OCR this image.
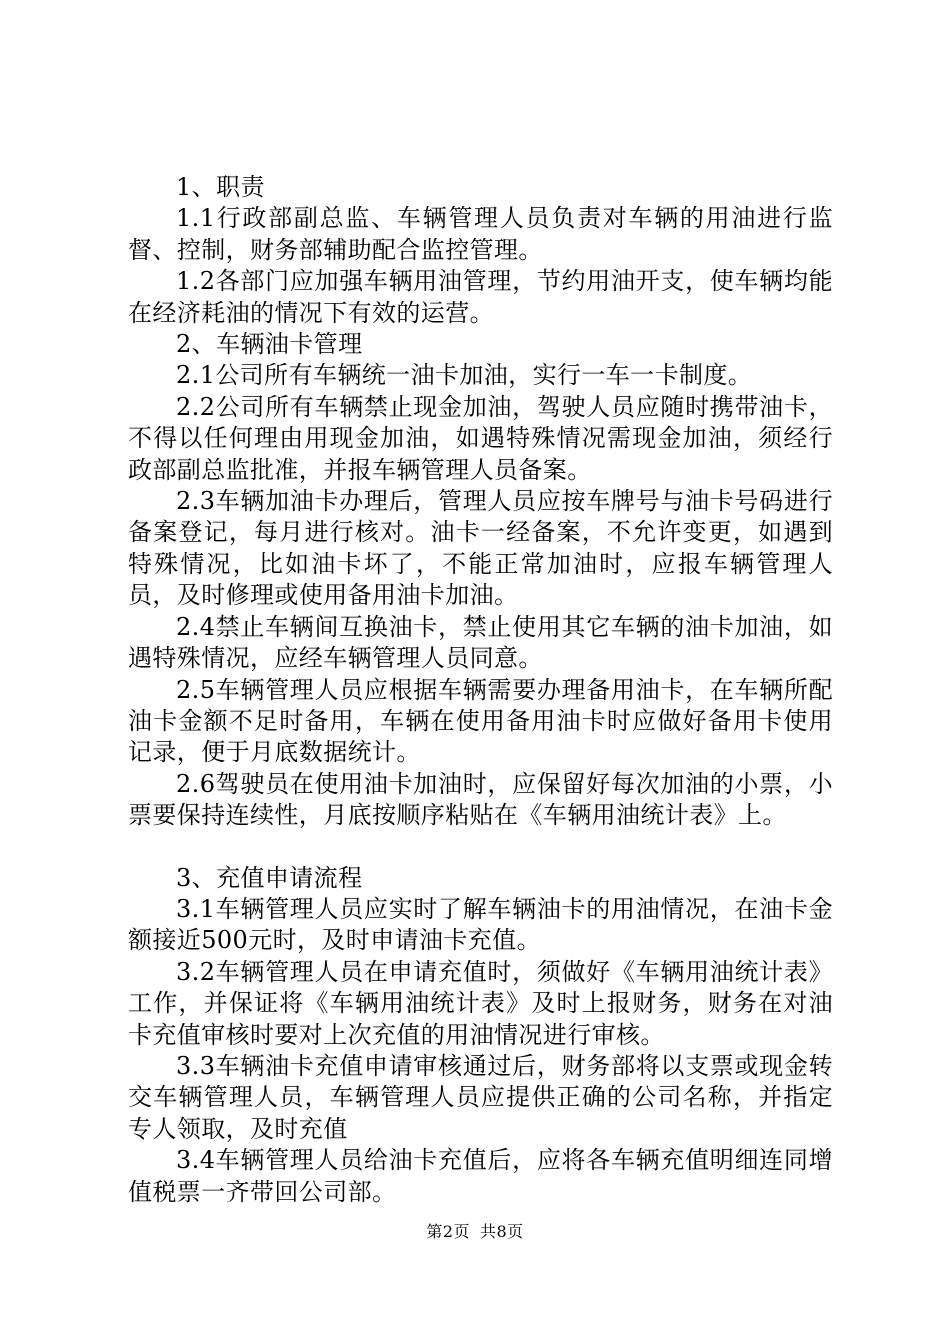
1、职责

1.1行政部副总监、车辆管理人员负责对车辆的用油进行监督、控制，财务部辅助配合监控管理。

1.2各部门应加强车辆用油管理，节约用油开支，使车辆均能在经济耗油的情况下有效的运营。

2、车辆油卡管理

2.1公司所有车辆统一油卡加油，实行一车一卡制度。

2.2公司所有车辆禁止现金加油，驾驶人员应随时携带油卡，不得以任何理由用现金加油，如遇特殊情况需现金加油，须经行政部副总监批准，并报车辆管理人员备案。

2.3车辆加油卡办理后，管理人员应按车牌号与油卡号码进行备案登记，每月进行核对。油卡一经备案，不允许变更，如遇到特殊情况，比如油卡坏了，不能正常加油时，应报车辆管理人员，及时修理或使用备用油卡加油。

2.4禁止车辆间互换油卡，禁止使用其它车辆的油卡加油，如遇特殊情况，应经车辆管理人员同意。

2.5车辆管理人员应根据车辆需要办理备用油卡，在车辆所配油卡金额不足时备用，车辆在使用备用油卡时应做好备用卡使用记录，便于月底数据统计。

2.6驾驶员在使用油卡加油时，应保留好每次加油的小票，小票要保持连续性，月底按顺序粘贴在《车辆用油统计表》上。

3、充值申请流程

3.1车辆管理人员应实时了解车辆油卡的用油情况，在油卡金额接近500元时，及时申请油卡充值。

3.2车辆管理人员在申请充值时，须做好《车辆用油统计表》工作，并保证将《车辆用油统计表》及时上报财务，财务在对油卡充值审核时要对上次充值的用油情况进行审核。

3.3车辆油卡充值申请审核通过后，财务部将以支票或现金转交车辆管理人员，车辆管理人员应提供正确的公司名称，并指定专人领取，及时充值

3.4车辆管理人员给油卡充值后，应将各车辆充值明细连同增值税票一齐带回公司部。

第2页 共8页
